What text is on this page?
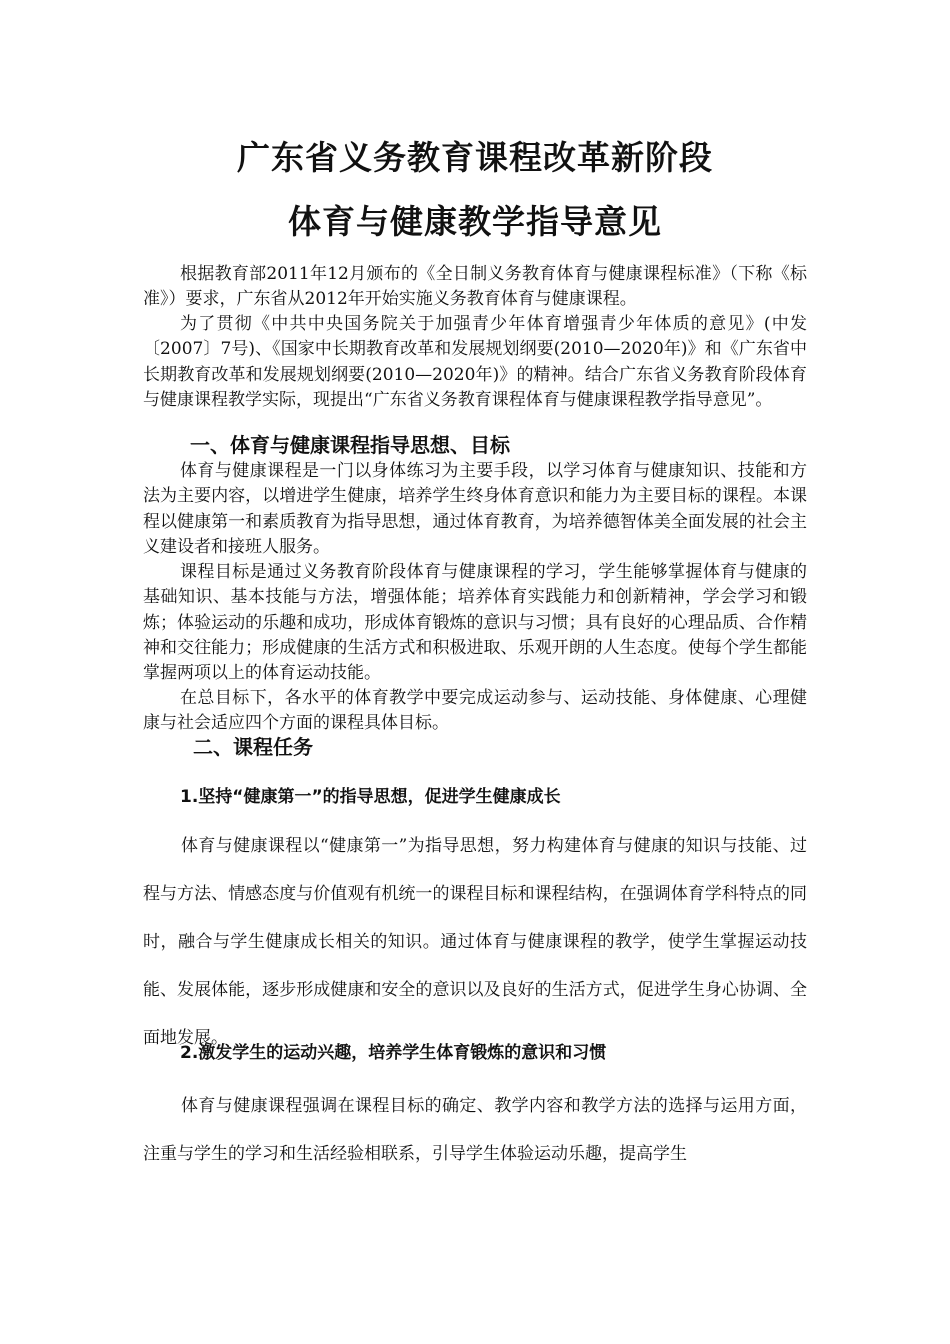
广东省义务教育课程改革新阶段
体育与健康教学指导意见

根据教育部2011年12月颁布的《全日制义务教育体育与健康课程标准》（下称《标准》）要求，广东省从2012年开始实施义务教育体育与健康课程。

为了贯彻《中共中央国务院关于加强青少年体育增强青少年体质的意见》(中发〔2007〕7号)、《国家中长期教育改革和发展规划纲要(2010—2020年)》和《广东省中长期教育改革和发展规划纲要(2010—2020年)》的精神。结合广东省义务教育阶段体育与健康课程教学实际，现提出“广东省义务教育课程体育与健康课程教学指导意见”。

一、体育与健康课程指导思想、目标

体育与健康课程是一门以身体练习为主要手段，以学习体育与健康知识、技能和方法为主要内容，以增进学生健康，培养学生终身体育意识和能力为主要目标的课程。本课程以健康第一和素质教育为指导思想，通过体育教育，为培养德智体美全面发展的社会主义建设者和接班人服务。

课程目标是通过义务教育阶段体育与健康课程的学习，学生能够掌握体育与健康的基础知识、基本技能与方法，增强体能；培养体育实践能力和创新精神，学会学习和锻炼；体验运动的乐趣和成功，形成体育锻炼的意识与习惯；具有良好的心理品质、合作精神和交往能力；形成健康的生活方式和积极进取、乐观开朗的人生态度。使每个学生都能掌握两项以上的体育运动技能。

在总目标下，各水平的体育教学中要完成运动参与、运动技能、身体健康、心理健康与社会适应四个方面的课程具体目标。

二、课程任务
1.坚持“健康第一”的指导思想，促进学生健康成长

体育与健康课程以“健康第一”为指导思想，努力构建体育与健康的知识与技能、过程与方法、情感态度与价值观有机统一的课程目标和课程结构，在强调体育学科特点的同时，融合与学生健康成长相关的知识。通过体育与健康课程的教学，使学生掌握运动技能、发展体能，逐步形成健康和安全的意识以及良好的生活方式，促进学生身心协调、全面地发展。

2.激发学生的运动兴趣，培养学生体育锻炼的意识和习惯

体育与健康课程强调在课程目标的确定、教学内容和教学方法的选择与运用方面，注重与学生的学习和生活经验相联系，引导学生体验运动乐趣，提高学生
